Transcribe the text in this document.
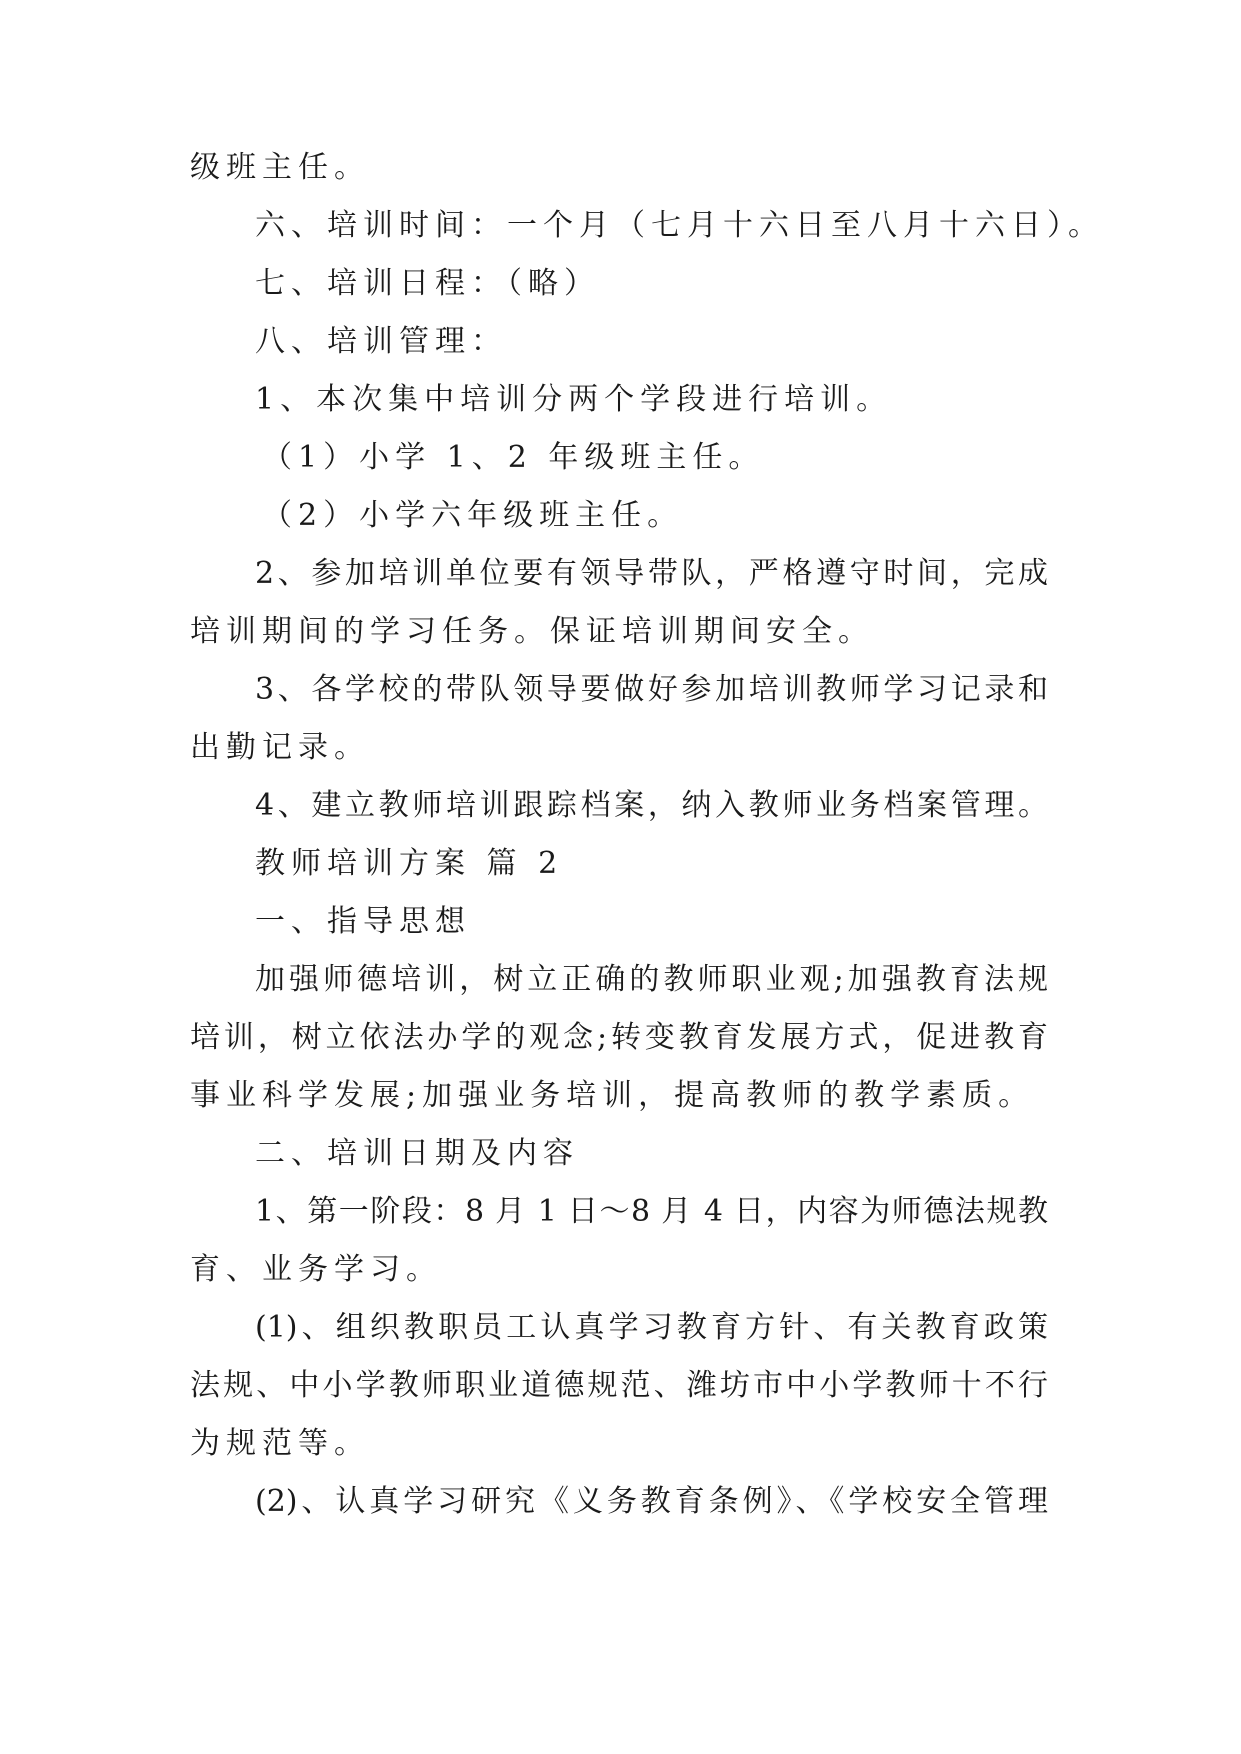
级班主任。
六、培训时间：一个月（七月十六日至八月十六日）。
七、培训日程：（略）
八、培训管理：
1、本次集中培训分两个学段进行培训。
（1）小学 1、2 年级班主任。
（2）小学六年级班主任。
2、参加培训单位要有领导带队，严格遵守时间，完成
培训期间的学习任务。保证培训期间安全。
3、各学校的带队领导要做好参加培训教师学习记录和
出勤记录。
4、建立教师培训跟踪档案，纳入教师业务档案管理。
教师培训方案 篇 2
一、指导思想
加强师德培训，树立正确的教师职业观;加强教育法规
培训，树立依法办学的观念;转变教育发展方式，促进教育
事业科学发展;加强业务培训，提高教师的教学素质。
二、培训日期及内容
1、第一阶段：8 月 1 日～8 月 4 日，内容为师德法规教
育、业务学习。
(1)、组织教职员工认真学习教育方针、有关教育政策
法规、中小学教师职业道德规范、潍坊市中小学教师十不行
为规范等。
(2)、认真学习研究《义务教育条例》、《学校安全管理
